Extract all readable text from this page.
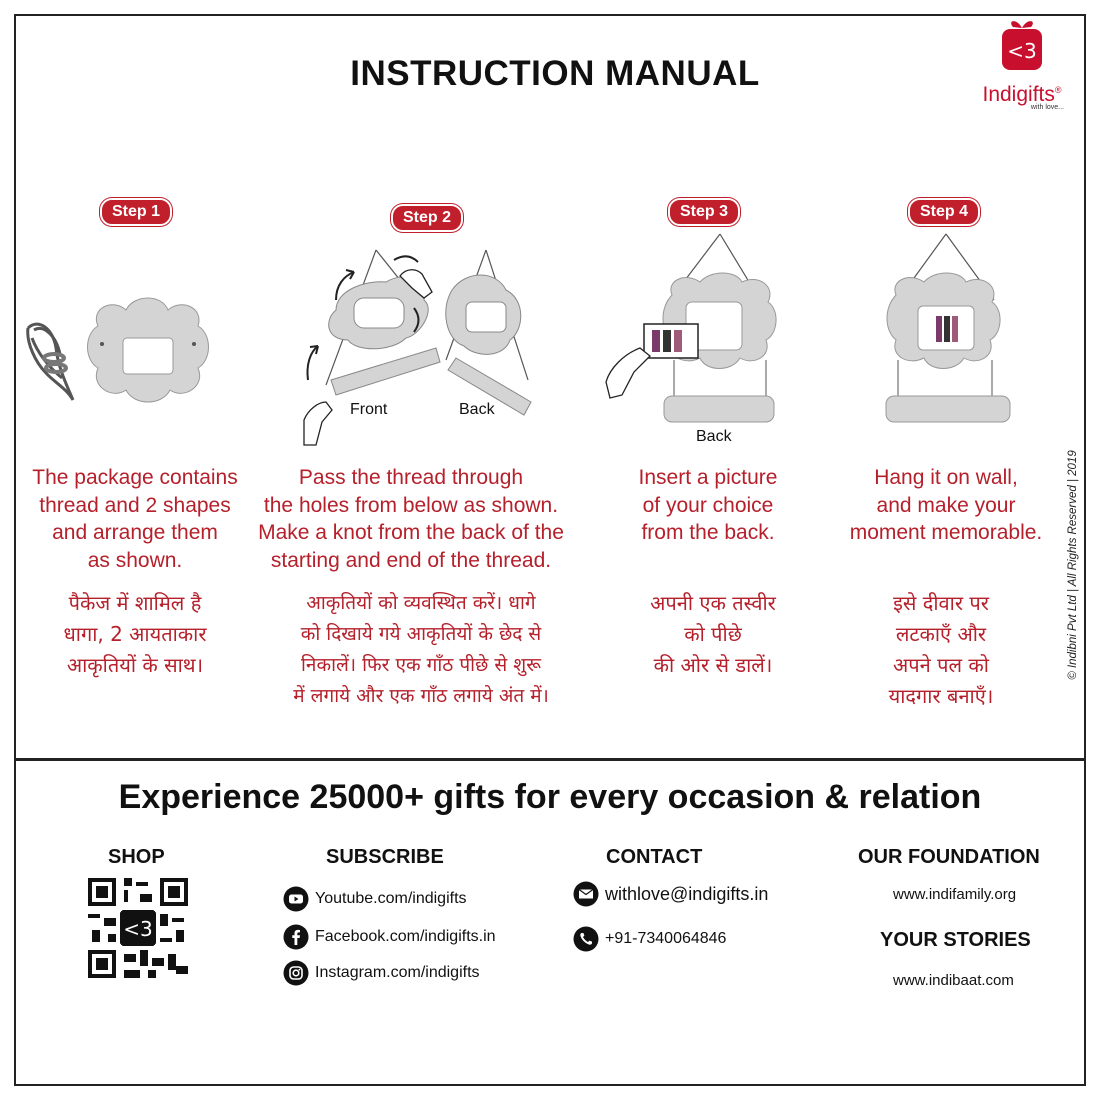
INSTRUCTION MANUAL
<3
Indigifts®
with love...
© Indibni Pvt Ltd | All Rights Reserved | 2019
Step 1	Step 2	Step 3	Step 4
Front	Back
Back
The package contains
thread and 2 shapes
and arrange them
as shown.
Pass the thread through
the holes from below as shown.
Make a knot from the back of the
starting and end of the thread.
Insert a picture
of your choice
from the back.
Hang it on wall,
and make your
moment memorable.
पैकेज में शामिल है
धागा, 2 आयताकार
आकृतियों के साथ।
आकृतियों को व्यवस्थित करें। धागे
को दिखाये गये आकृतियों के छेद से
निकालें। फिर एक गाँठ पीछे से शुरू
में लगाये और एक गाँठ लगाये अंत में।
अपनी एक तस्वीर
को पीछे
की ओर से डालें।
इसे दीवार पर
लटकाएँ और
अपने पल को
यादगार बनाएँ।
Experience 25000+ gifts for every occasion & relation
SHOP
<3
SUBSCRIBE
Youtube.com/indigifts
Facebook.com/indigifts.in
Instagram.com/indigifts
CONTACT
withlove@indigifts.in
+91-7340064846
OUR FOUNDATION
www.indifamily.org
YOUR STORIES
www.indibaat.com
